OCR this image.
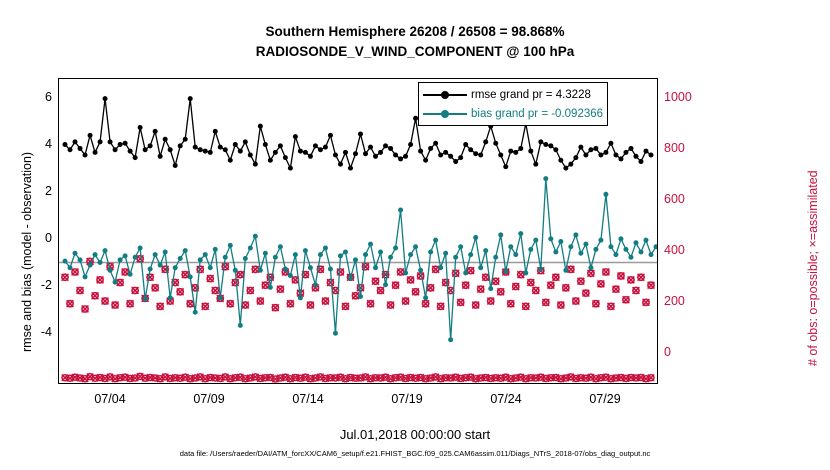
Southern Hemisphere 26208 / 26508 = 98.868%
RADIOSONDE_V_WIND_COMPONENT @ 100 hPa
rmse and bias (model - observation)	# of obs: o=possible; ×=assimilated
6
4
2
0
-2
-4
1000
800
600
400
200
0
07/04	07/09	07/14	07/19	07/24	07/29
Jul.01,2018 00:00:00 start
data file: /Users/raeder/DAI/ATM_forcXX/CAM6_setup/f.e21.FHIST_BGC.f09_025.CAM6assim.011/Diags_NTrS_2018-07/obs_diag_output.nc
rmse grand pr = 4.3228
bias grand pr = -0.092366
